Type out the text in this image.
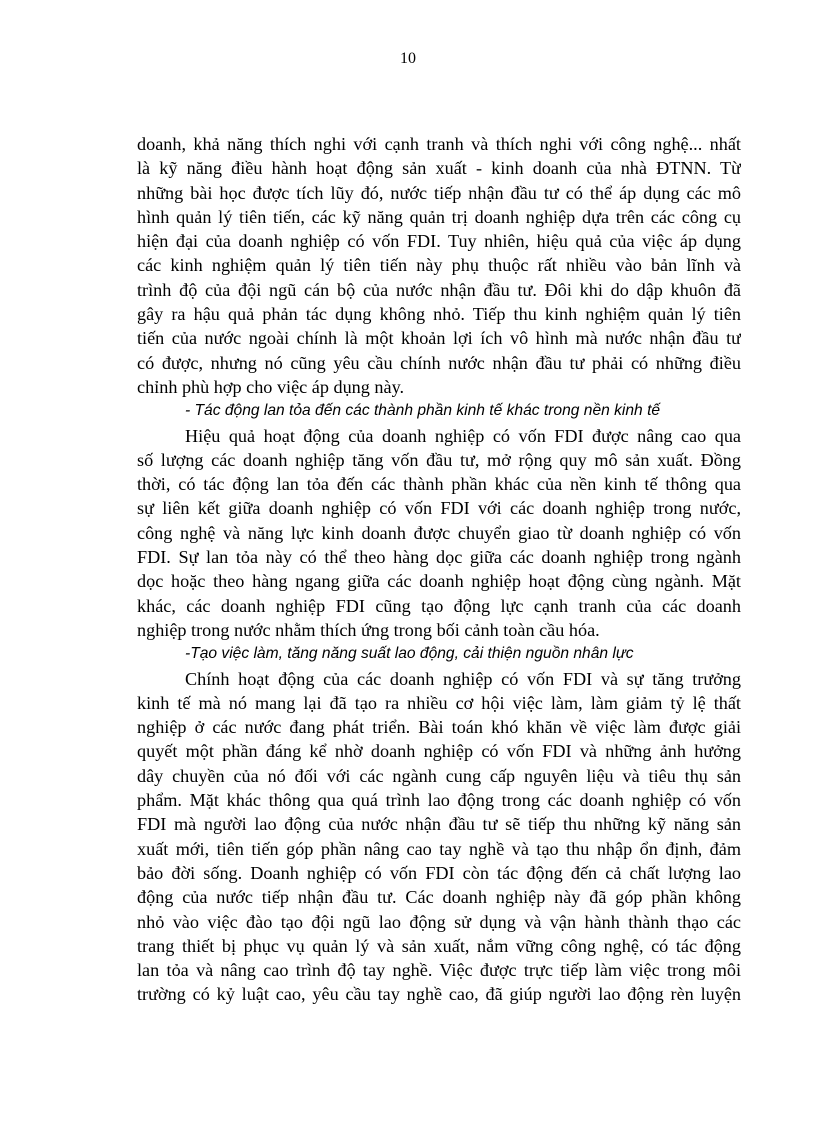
10
doanh, khả năng thích nghi với cạnh tranh và thích nghi với công nghệ... nhất
là kỹ năng điều hành hoạt động sản xuất - kinh doanh của nhà ĐTNN. Từ
những bài học được tích lũy đó, nước tiếp nhận đầu tư có thể áp dụng các mô
hình quản lý tiên tiến, các kỹ năng quản trị doanh nghiệp dựa trên các công cụ
hiện đại của doanh nghiệp có vốn FDI. Tuy nhiên, hiệu quả của việc áp dụng
các kinh nghiệm quản lý tiên tiến này phụ thuộc rất nhiều vào bản lĩnh và
trình độ của đội ngũ cán bộ của nước nhận đầu tư. Đôi khi do dập khuôn đã
gây ra hậu quả phản tác dụng không nhỏ. Tiếp thu kinh nghiệm quản lý tiên
tiến của nước ngoài chính là một khoản lợi ích vô hình mà nước nhận đầu tư
có được, nhưng nó cũng yêu cầu chính nước nhận đầu tư phải có những điều
chỉnh phù hợp cho việc áp dụng này.
- Tác động lan tỏa đến các thành phần kinh tế khác trong nền kinh tế
Hiệu quả hoạt động của doanh nghiệp có vốn FDI được nâng cao qua
số lượng các doanh nghiệp tăng vốn đầu tư, mở rộng quy mô sản xuất. Đồng
thời, có tác động lan tỏa đến các thành phần khác của nền kinh tế thông qua
sự liên kết giữa doanh nghiệp có vốn FDI với các doanh nghiệp trong nước,
công nghệ và năng lực kinh doanh được chuyển giao từ doanh nghiệp có vốn
FDI. Sự lan tỏa này có thể theo hàng dọc giữa các doanh nghiệp trong ngành
dọc hoặc theo hàng ngang giữa các doanh nghiệp hoạt động cùng ngành. Mặt
khác, các doanh nghiệp FDI cũng tạo động lực cạnh tranh của các doanh
nghiệp trong nước nhằm thích ứng trong bối cảnh toàn cầu hóa.
-Tạo việc làm, tăng năng suất lao động, cải thiện nguồn nhân lực
Chính hoạt động của các doanh nghiệp có vốn FDI và sự tăng trưởng
kinh tế mà nó mang lại đã tạo ra nhiều cơ hội việc làm, làm giảm tỷ lệ thất
nghiệp ở các nước đang phát triển. Bài toán khó khăn về việc làm được giải
quyết một phần đáng kể nhờ doanh nghiệp có vốn FDI và những ảnh hưởng
dây chuyền của nó đối với các ngành cung cấp nguyên liệu và tiêu thụ sản
phẩm. Mặt khác thông qua quá trình lao động trong các doanh nghiệp có vốn
FDI mà người lao động của nước nhận đầu tư sẽ tiếp thu những kỹ năng sản
xuất mới, tiên tiến góp phần nâng cao tay nghề và tạo thu nhập ổn định, đảm
bảo đời sống. Doanh nghiệp có vốn FDI còn tác động đến cả chất lượng lao
động của nước tiếp nhận đầu tư. Các doanh nghiệp này đã góp phần không
nhỏ vào việc đào tạo đội ngũ lao động sử dụng và vận hành thành thạo các
trang thiết bị phục vụ quản lý và sản xuất, nắm vững công nghệ, có tác động
lan tỏa và nâng cao trình độ tay nghề. Việc được trực tiếp làm việc trong môi
trường có kỷ luật cao, yêu cầu tay nghề cao, đã giúp người lao động rèn luyện
